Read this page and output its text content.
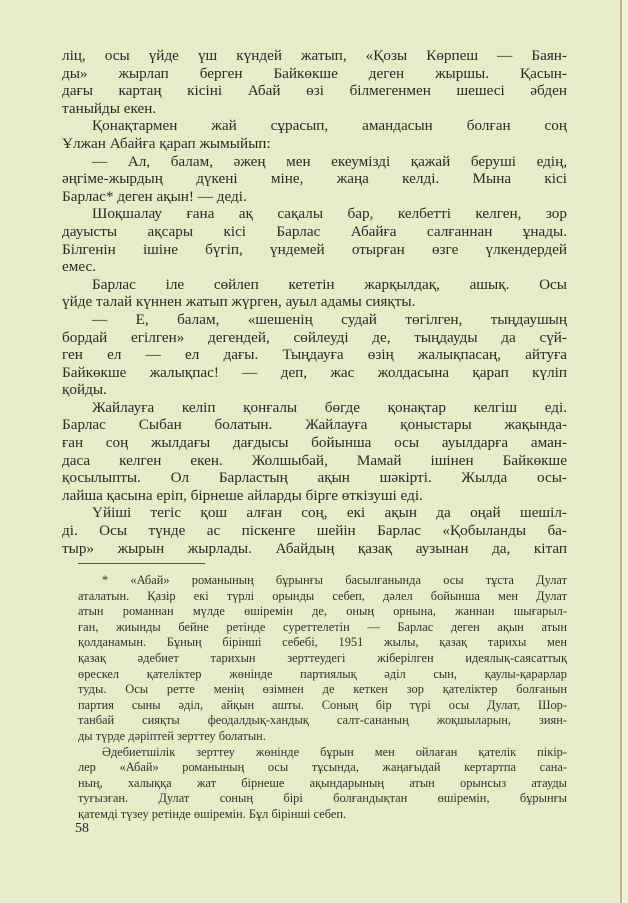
ліц, осы үйде үш күндей жатып, «Қозы Көрпеш — Баян-
ды» жырлап берген Байкөкше деген жыршы. Қасын-
дағы картаң кісіні Абай өзі білмегенмен шешесі әбден
таныйды екен.
Қонақтармен жай сұрасып, амандасын болған соң
Ұлжан Абайға қарап жымыйып:
— Ал, балам, әжең мен екеумізді қажай беруші едің,
әңгіме-жырдың дүкені міне, жаңа келді. Мына кісі
Барлас* деген ақын! — деді.
Шоқшалау ғана ақ сақалы бар, келбетті келген, зор
дауысты ақсары кісі Барлас Абайға салғаннан ұнады.
Білгенін ішіне бүгіп, үндемей отырған өзге үлкендердей
емес.
Барлас іле сөйлеп кететін жарқылдақ, ашық. Осы
үйде талай күннен жатып жүрген, ауыл адамы сияқты.
— Е, балам, «шешенің судай төгілген, тыңдаушың
бордай егілген» дегендей, сөйлеуді де, тыңдауды да сүй-
ген ел — ел дағы. Тыңдауға өзің жалықпасаң, айтуға
Байкөкше жалықпас! — деп, жас жолдасына қарап күліп
қойды.
Жайлауға келіп қонғалы бөгде қонақтар келгіш еді.
Барлас Сыбан болатын. Жайлауға қоныстары жақында-
ған соң жылдағы дағдысы бойынша осы ауылдарға аман-
даса келген екен. Жолшыбай, Мамай ішінен Байкөкше
қосылыпты. Ол Барластың ақын шәкірті. Жылда осы-
лайша қасына еріп, бірнеше айларды бірге өткізуші еді.
Үйіші тегіс қош алған соң, екі ақын да оңай шешіл-
ді. Осы түнде ас піскенге шейін Барлас «Қобыланды ба-
тыр» жырын жырлады. Абайдың қазақ аузынан да, кітап
* «Абай» романының бұрынғы басылғанында осы тұста Дулат
аталатын. Қазір екі түрлі орынды себеп, дәлел бойынша мен Дулат
атын романнан мүлде өшіремін де, оның орнына, жаннан шығарыл-
ған, жиынды бейне ретінде суреттелетін — Барлас деген ақын атын
қолданамын. Бұның бірінші себебі, 1951 жылы, қазақ тарихы мен
қазақ әдебиет тарихын зерттеудегі жіберілген идеялық-саясаттық
өрескел қателіктер жөнінде партиялық әділ сын, қаулы-қарарлар
туды. Осы ретте менің өзімнен де кеткен зор қателіктер болғанын
партия сыны әділ, айқын ашты. Соның бір түрі осы Дулат, Шор-
танбай сияқты феодалдық-хандық салт-сананың жоқшыларын, зиян-
ды түрде дәріптей зерттеу болатын.
Әдебиетшілік зерттеу жөнінде бұрын мен ойлаған қателік пікір-
лер «Абай» романының осы тұсында, жаңағыдай кертартпа сана-
ның, халыққа жат бірнеше ақындарының атын орынсыз атауды
туғызған. Дулат соның бірі болғандықтан өшіремін, бұрынғы
қатемді түзеу ретінде өшіремін. Бұл бірінші себеп.
58
